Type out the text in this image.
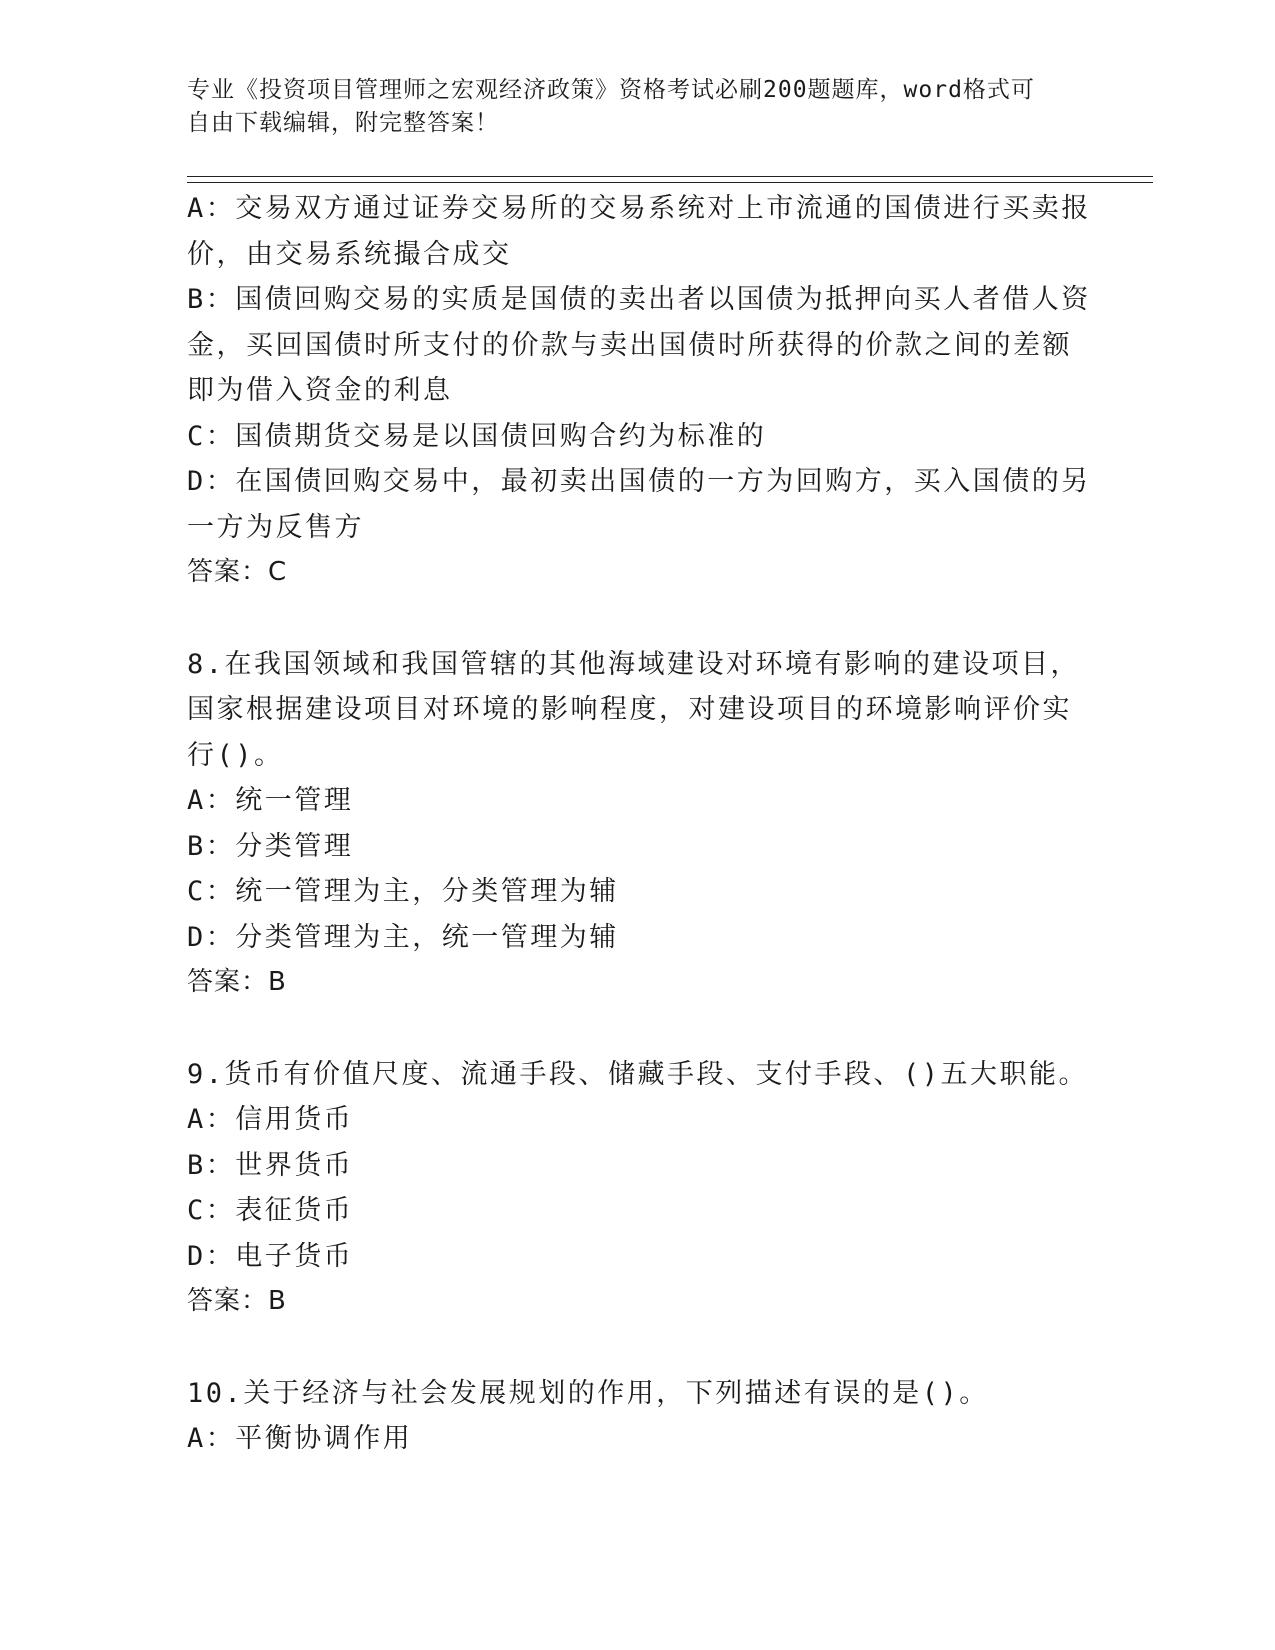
专业《投资项目管理师之宏观经济政策》资格考试必刷200题题库，word格式可
自由下载编辑，附完整答案！
A：交易双方通过证券交易所的交易系统对上市流通的国债进行买卖报
价，由交易系统撮合成交
B：国债回购交易的实质是国债的卖出者以国债为抵押向买人者借人资
金，买回国债时所支付的价款与卖出国债时所获得的价款之间的差额
即为借入资金的利息
C：国债期货交易是以国债回购合约为标准的
D：在国债回购交易中，最初卖出国债的一方为回购方，买入国债的另
一方为反售方
答案：C
8.在我国领域和我国管辖的其他海域建设对环境有影响的建设项目，
国家根据建设项目对环境的影响程度，对建设项目的环境影响评价实
行()。
A：统一管理
B：分类管理
C：统一管理为主，分类管理为辅
D：分类管理为主，统一管理为辅
答案：B
9.货币有价值尺度、流通手段、储藏手段、支付手段、()五大职能。
A：信用货币
B：世界货币
C：表征货币
D：电子货币
答案：B
10.关于经济与社会发展规划的作用，下列描述有误的是()。
A：平衡协调作用
